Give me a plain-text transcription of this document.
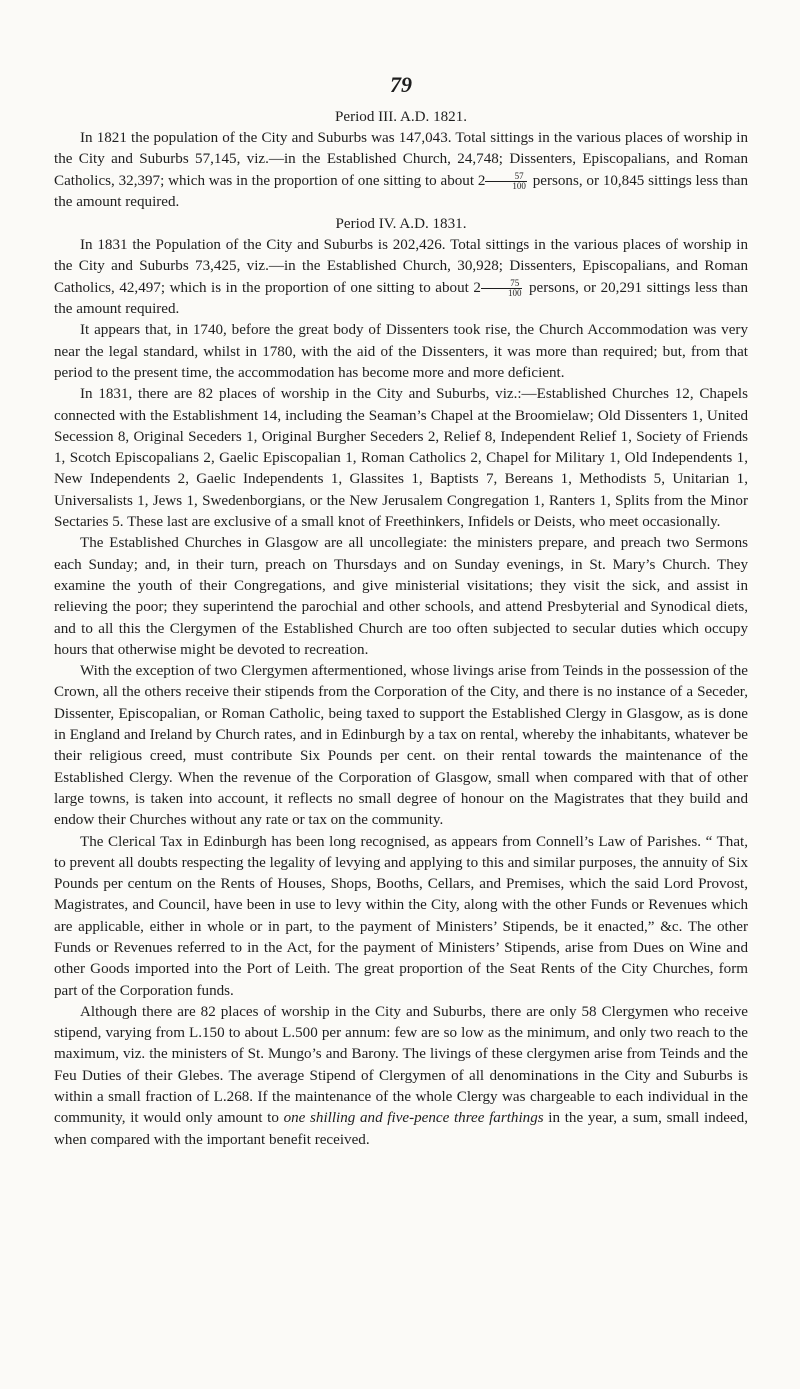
79
Period III. A.D. 1821.

In 1821 the population of the City and Suburbs was 147,043. Total sittings in the various places of worship in the City and Suburbs 57,145, viz.—in the Established Church, 24,748; Dissenters, Episcopalians, and Roman Catholics, 32,397; which was in the proportion of one sitting to about $2 \frac{57}{100}$ persons, or 10,845 sittings less than the amount required.

Period IV. A.D. 1831.

In 1831 the Population of the City and Suburbs is 202,426. Total sittings in the various places of worship in the City and Suburbs 73,425, viz.—in the Established Church, 30,928; Dissenters, Episcopalians, and Roman Catholics, 42,497; which is in the proportion of one sitting to about $2 \frac{75}{100}$ persons, or 20,291 sittings less than the amount required.

It appears that, in 1740, before the great body of Dissenters took rise, the Church Accommodation was very near the legal standard, whilst in 1780, with the aid of the Dissenters, it was more than required; but, from that period to the present time, the accommodation has become more and more deficient.

In 1831, there are 82 places of worship in the City and Suburbs, viz.:—Established Churches 12, Chapels connected with the Establishment 14, including the Seaman’s Chapel at the Broomielaw; Old Dissenters 1, United Secession 8, Original Seceders 1, Original Burgher Seceders 2, Relief 8, Independent Relief 1, Society of Friends 1, Scotch Episcopalians 2, Gaelic Episcopalian 1, Roman Catholics 2, Chapel for Military 1, Old Independents 1, New Independents 2, Gaelic Independents 1, Glassites 1, Baptists 7, Bereans 1, Methodists 5, Unitarian 1, Universalists 1, Jews 1, Swedenborgians, or the New Jerusalem Congregation 1, Ranters 1, Splits from the Minor Sectaries 5. These last are exclusive of a small knot of Freethinkers, Infidels or Deists, who meet occasionally.

The Established Churches in Glasgow are all uncollegiate: the ministers prepare, and preach two Sermons each Sunday; and, in their turn, preach on Thursdays and on Sunday evenings, in St. Mary’s Church. They examine the youth of their Congregations, and give ministerial visitations; they visit the sick, and assist in relieving the poor; they superintend the parochial and other schools, and attend Presbyterial and Synodical diets, and to all this the Clergymen of the Established Church are too often subjected to secular duties which occupy hours that otherwise might be devoted to recreation.

With the exception of two Clergymen aftermentioned, whose livings arise from Teinds in the possession of the Crown, all the others receive their stipends from the Corporation of the City, and there is no instance of a Seceder, Dissenter, Episcopalian, or Roman Catholic, being taxed to support the Established Clergy in Glasgow, as is done in England and Ireland by Church rates, and in Edinburgh by a tax on rental, whereby the inhabitants, whatever be their religious creed, must contribute Six Pounds per cent. on their rental towards the maintenance of the Established Clergy. When the revenue of the Corporation of Glasgow, small when compared with that of other large towns, is taken into account, it reflects no small degree of honour on the Magistrates that they build and endow their Churches without any rate or tax on the community.

The Clerical Tax in Edinburgh has been long recognised, as appears from Connell’s Law of Parishes. “ That, to prevent all doubts respecting the legality of levying and applying to this and similar purposes, the annuity of Six Pounds per centum on the Rents of Houses, Shops, Booths, Cellars, and Premises, which the said Lord Provost, Magistrates, and Council, have been in use to levy within the City, along with the other Funds or Revenues which are applicable, either in whole or in part, to the payment of Ministers’ Stipends, be it enacted,” &c. The other Funds or Revenues referred to in the Act, for the payment of Ministers’ Stipends, arise from Dues on Wine and other Goods imported into the Port of Leith. The great proportion of the Seat Rents of the City Churches, form part of the Corporation funds.

Although there are 82 places of worship in the City and Suburbs, there are only 58 Clergymen who receive stipend, varying from L.150 to about L.500 per annum: few are so low as the minimum, and only two reach to the maximum, viz. the ministers of St. Mungo’s and Barony. The livings of these clergymen arise from Teinds and the Feu Duties of their Glebes. The average Stipend of Clergymen of all denominations in the City and Suburbs is within a small fraction of L.268. If the maintenance of the whole Clergy was chargeable to each individual in the community, it would only amount to one shilling and five-pence three farthings in the year, a sum, small indeed, when compared with the important benefit received.
